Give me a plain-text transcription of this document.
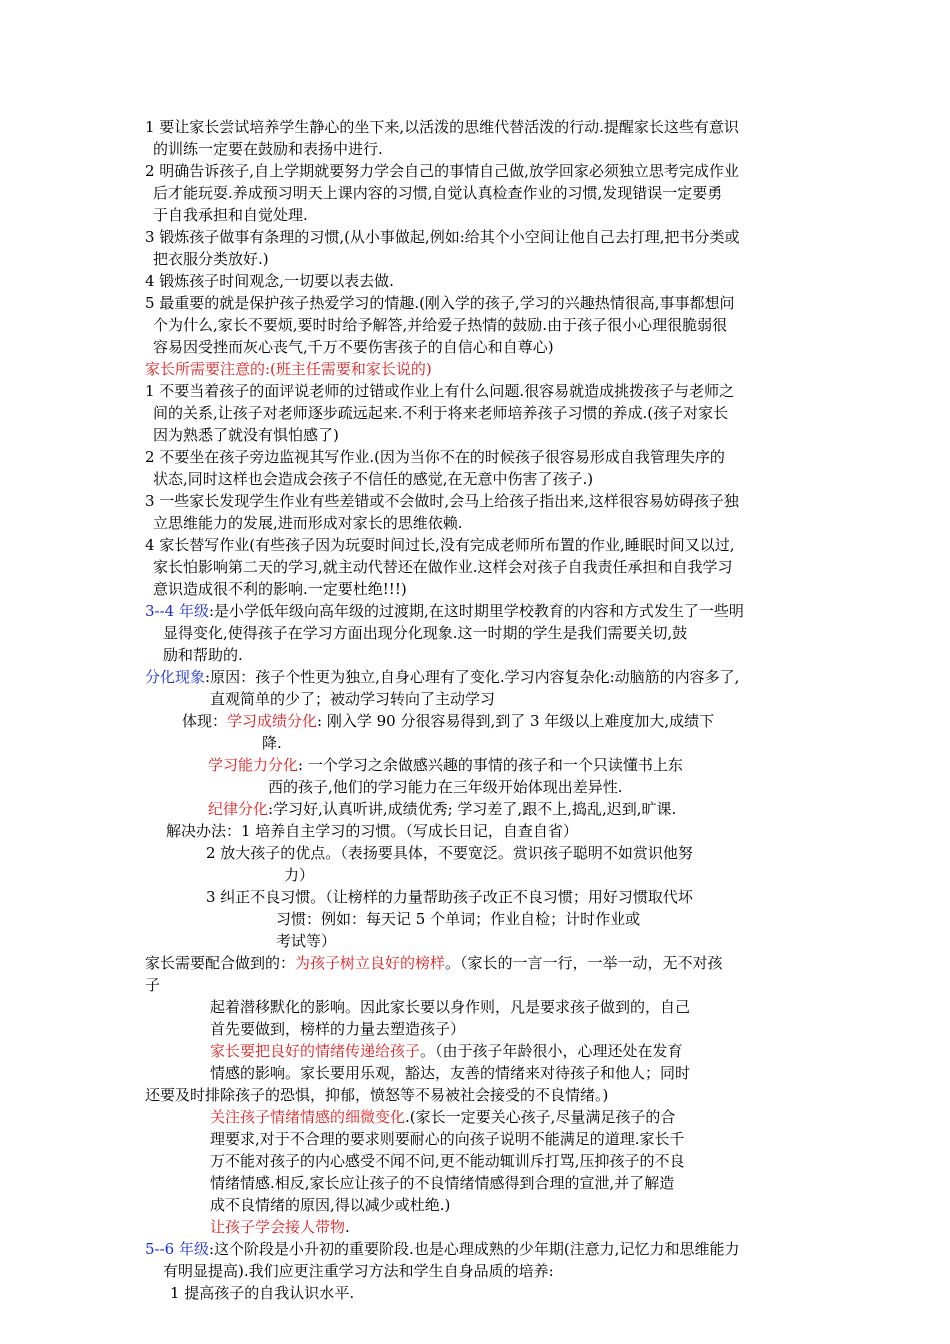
1 要让家长尝试培养学生静心的坐下来,以活泼的思维代替活泼的行动.提醒家长这些有意识
的训练一定要在鼓励和表扬中进行.
2 明确告诉孩子,自上学期就要努力学会自己的事情自己做,放学回家必须独立思考完成作业
后才能玩耍.养成预习明天上课内容的习惯,自觉认真检查作业的习惯,发现错误一定要勇
于自我承担和自觉处理.
3 锻炼孩子做事有条理的习惯,(从小事做起,例如:给其个小空间让他自己去打理,把书分类或
把衣服分类放好.)
4 锻炼孩子时间观念,一切要以表去做.
5 最重要的就是保护孩子热爱学习的情趣.(刚入学的孩子,学习的兴趣热情很高,事事都想问
个为什么,家长不要烦,要时时给予解答,并给爱子热情的鼓励.由于孩子很小心理很脆弱很
容易因受挫而灰心丧气,千万不要伤害孩子的自信心和自尊心)
家长所需要注意的:(班主任需要和家长说的)
1 不要当着孩子的面评说老师的过错或作业上有什么问题.很容易就造成挑拨孩子与老师之
间的关系,让孩子对老师逐步疏远起来.不利于将来老师培养孩子习惯的养成.(孩子对家长
因为熟悉了就没有惧怕感了)
2 不要坐在孩子旁边监视其写作业.(因为当你不在的时候孩子很容易形成自我管理失序的
状态,同时这样也会造成会孩子不信任的感觉,在无意中伤害了孩子.)
3 一些家长发现学生作业有些差错或不会做时,会马上给孩子指出来,这样很容易妨碍孩子独
立思维能力的发展,进而形成对家长的思维依赖.
4 家长替写作业(有些孩子因为玩耍时间过长,没有完成老师所布置的作业,睡眠时间又以过,
家长怕影响第二天的学习,就主动代替还在做作业.这样会对孩子自我责任承担和自我学习
意识造成很不利的影响.一定要杜绝!!!)
3--4 年级:是小学低年级向高年级的过渡期,在这时期里学校教育的内容和方式发生了一些明
显得变化,使得孩子在学习方面出现分化现象.这一时期的学生是我们需要关切,鼓
励和帮助的.
分化现象:原因：孩子个性更为独立,自身心理有了变化.学习内容复杂化:动脑筋的内容多了,
直观简单的少了；被动学习转向了主动学习
体现：学习成绩分化: 刚入学 90 分很容易得到,到了 3 年级以上难度加大,成绩下
降.
学习能力分化: 一个学习之余做感兴趣的事情的孩子和一个只读懂书上东
西的孩子,他们的学习能力在三年级开始体现出差异性.
纪律分化:学习好,认真听讲,成绩优秀; 学习差了,跟不上,捣乱,迟到,旷课.
解决办法：1 培养自主学习的习惯。（写成长日记，自查自省）
2 放大孩子的优点。（表扬要具体，不要宽泛。赏识孩子聪明不如赏识他努
力）
3 纠正不良习惯。（让榜样的力量帮助孩子改正不良习惯；用好习惯取代坏
习惯：例如：每天记 5 个单词；作业自检；计时作业或
考试等）
家长需要配合做到的：为孩子树立良好的榜样。（家长的一言一行，一举一动，无不对孩
子
起着潜移默化的影响。因此家长要以身作则，凡是要求孩子做到的，自己
首先要做到，榜样的力量去塑造孩子）
家长要把良好的情绪传递给孩子。（由于孩子年龄很小，心理还处在发育
情感的影响。家长要用乐观，豁达，友善的情绪来对待孩子和他人；同时
还要及时排除孩子的恐惧，抑郁，愤怒等不易被社会接受的不良情绪。)
关注孩子情绪情感的细微变化.(家长一定要关心孩子,尽量满足孩子的合
理要求,对于不合理的要求则要耐心的向孩子说明不能满足的道理.家长千
万不能对孩子的内心感受不闻不问,更不能动辄训斥打骂,压抑孩子的不良
情绪情感.相反,家长应让孩子的不良情绪情感得到合理的宣泄,并了解造
成不良情绪的原因,得以减少或杜绝.)
让孩子学会接人带物.
5--6 年级:这个阶段是小升初的重要阶段.也是心理成熟的少年期(注意力,记忆力和思维能力
有明显提高).我们应更注重学习方法和学生自身品质的培养:
1 提高孩子的自我认识水平.
